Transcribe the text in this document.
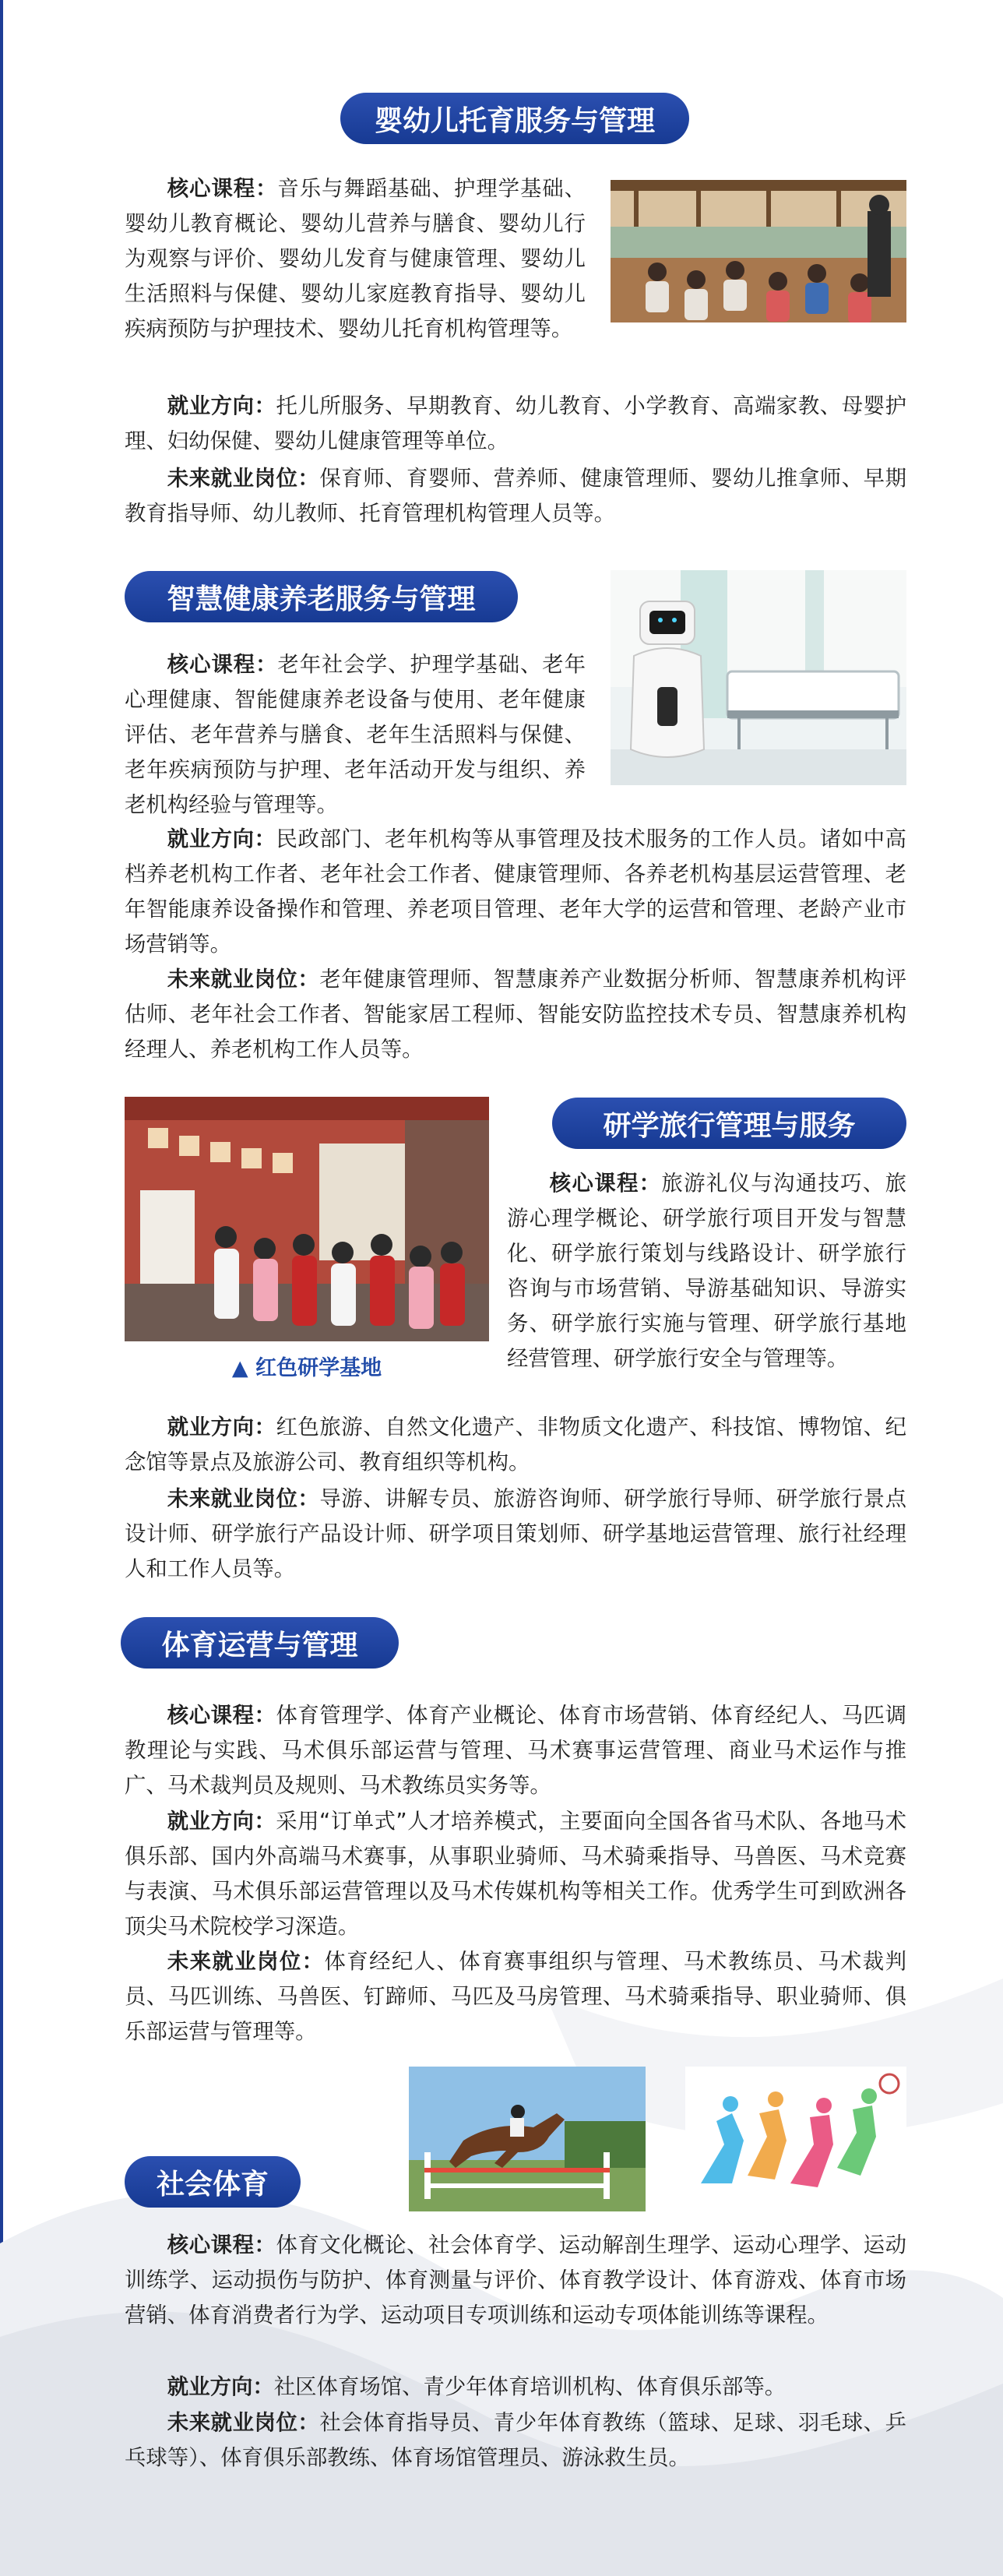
婴幼儿托育服务与管理

核心课程：音乐与舞蹈基础、护理学基础、婴幼儿教育概论、婴幼儿营养与膳食、婴幼儿行为观察与评价、婴幼儿发育与健康管理、婴幼儿生活照料与保健、婴幼儿家庭教育指导、婴幼儿疾病预防与护理技术、婴幼儿托育机构管理等。

就业方向：托儿所服务、早期教育、幼儿教育、小学教育、高端家教、母婴护理、妇幼保健、婴幼儿健康管理等单位。

未来就业岗位：保育师、育婴师、营养师、健康管理师、婴幼儿推拿师、早期教育指导师、幼儿教师、托育管理机构管理人员等。

智慧健康养老服务与管理

核心课程：老年社会学、护理学基础、老年心理健康、智能健康养老设备与使用、老年健康评估、老年营养与膳食、老年生活照料与保健、老年疾病预防与护理、老年活动开发与组织、养老机构经验与管理等。

就业方向：民政部门、老年机构等从事管理及技术服务的工作人员。诸如中高档养老机构工作者、老年社会工作者、健康管理师、各养老机构基层运营管理、老年智能康养设备操作和管理、养老项目管理、老年大学的运营和管理、老龄产业市场营销等。

未来就业岗位：老年健康管理师、智慧康养产业数据分析师、智慧康养机构评估师、老年社会工作者、智能家居工程师、智能安防监控技术专员、智慧康养机构经理人、养老机构工作人员等。

▲ 红色研学基地
研学旅行管理与服务

核心课程：旅游礼仪与沟通技巧、旅游心理学概论、研学旅行项目开发与智慧化、研学旅行策划与线路设计、研学旅行咨询与市场营销、导游基础知识、导游实务、研学旅行实施与管理、研学旅行基地经营管理、研学旅行安全与管理等。

就业方向：红色旅游、自然文化遗产、非物质文化遗产、科技馆、博物馆、纪念馆等景点及旅游公司、教育组织等机构。

未来就业岗位：导游、讲解专员、旅游咨询师、研学旅行导师、研学旅行景点设计师、研学旅行产品设计师、研学项目策划师、研学基地运营管理、旅行社经理人和工作人员等。

体育运营与管理

核心课程：体育管理学、体育产业概论、体育市场营销、体育经纪人、马匹调教理论与实践、马术俱乐部运营与管理、马术赛事运营管理、商业马术运作与推广、马术裁判员及规则、马术教练员实务等。

就业方向：采用“订单式”人才培养模式，主要面向全国各省马术队、各地马术俱乐部、国内外高端马术赛事，从事职业骑师、马术骑乘指导、马兽医、马术竞赛与表演、马术俱乐部运营管理以及马术传媒机构等相关工作。优秀学生可到欧洲各顶尖马术院校学习深造。

未来就业岗位：体育经纪人、体育赛事组织与管理、马术教练员、马术裁判员、马匹训练、马兽医、钉蹄师、马匹及马房管理、马术骑乘指导、职业骑师、俱乐部运营与管理等。

社会体育

核心课程：体育文化概论、社会体育学、运动解剖生理学、运动心理学、运动训练学、运动损伤与防护、体育测量与评价、体育教学设计、体育游戏、体育市场营销、体育消费者行为学、运动项目专项训练和运动专项体能训练等课程。

就业方向：社区体育场馆、青少年体育培训机构、体育俱乐部等。

未来就业岗位：社会体育指导员、青少年体育教练（篮球、足球、羽毛球、乒乓球等）、体育俱乐部教练、体育场馆管理员、游泳救生员。
